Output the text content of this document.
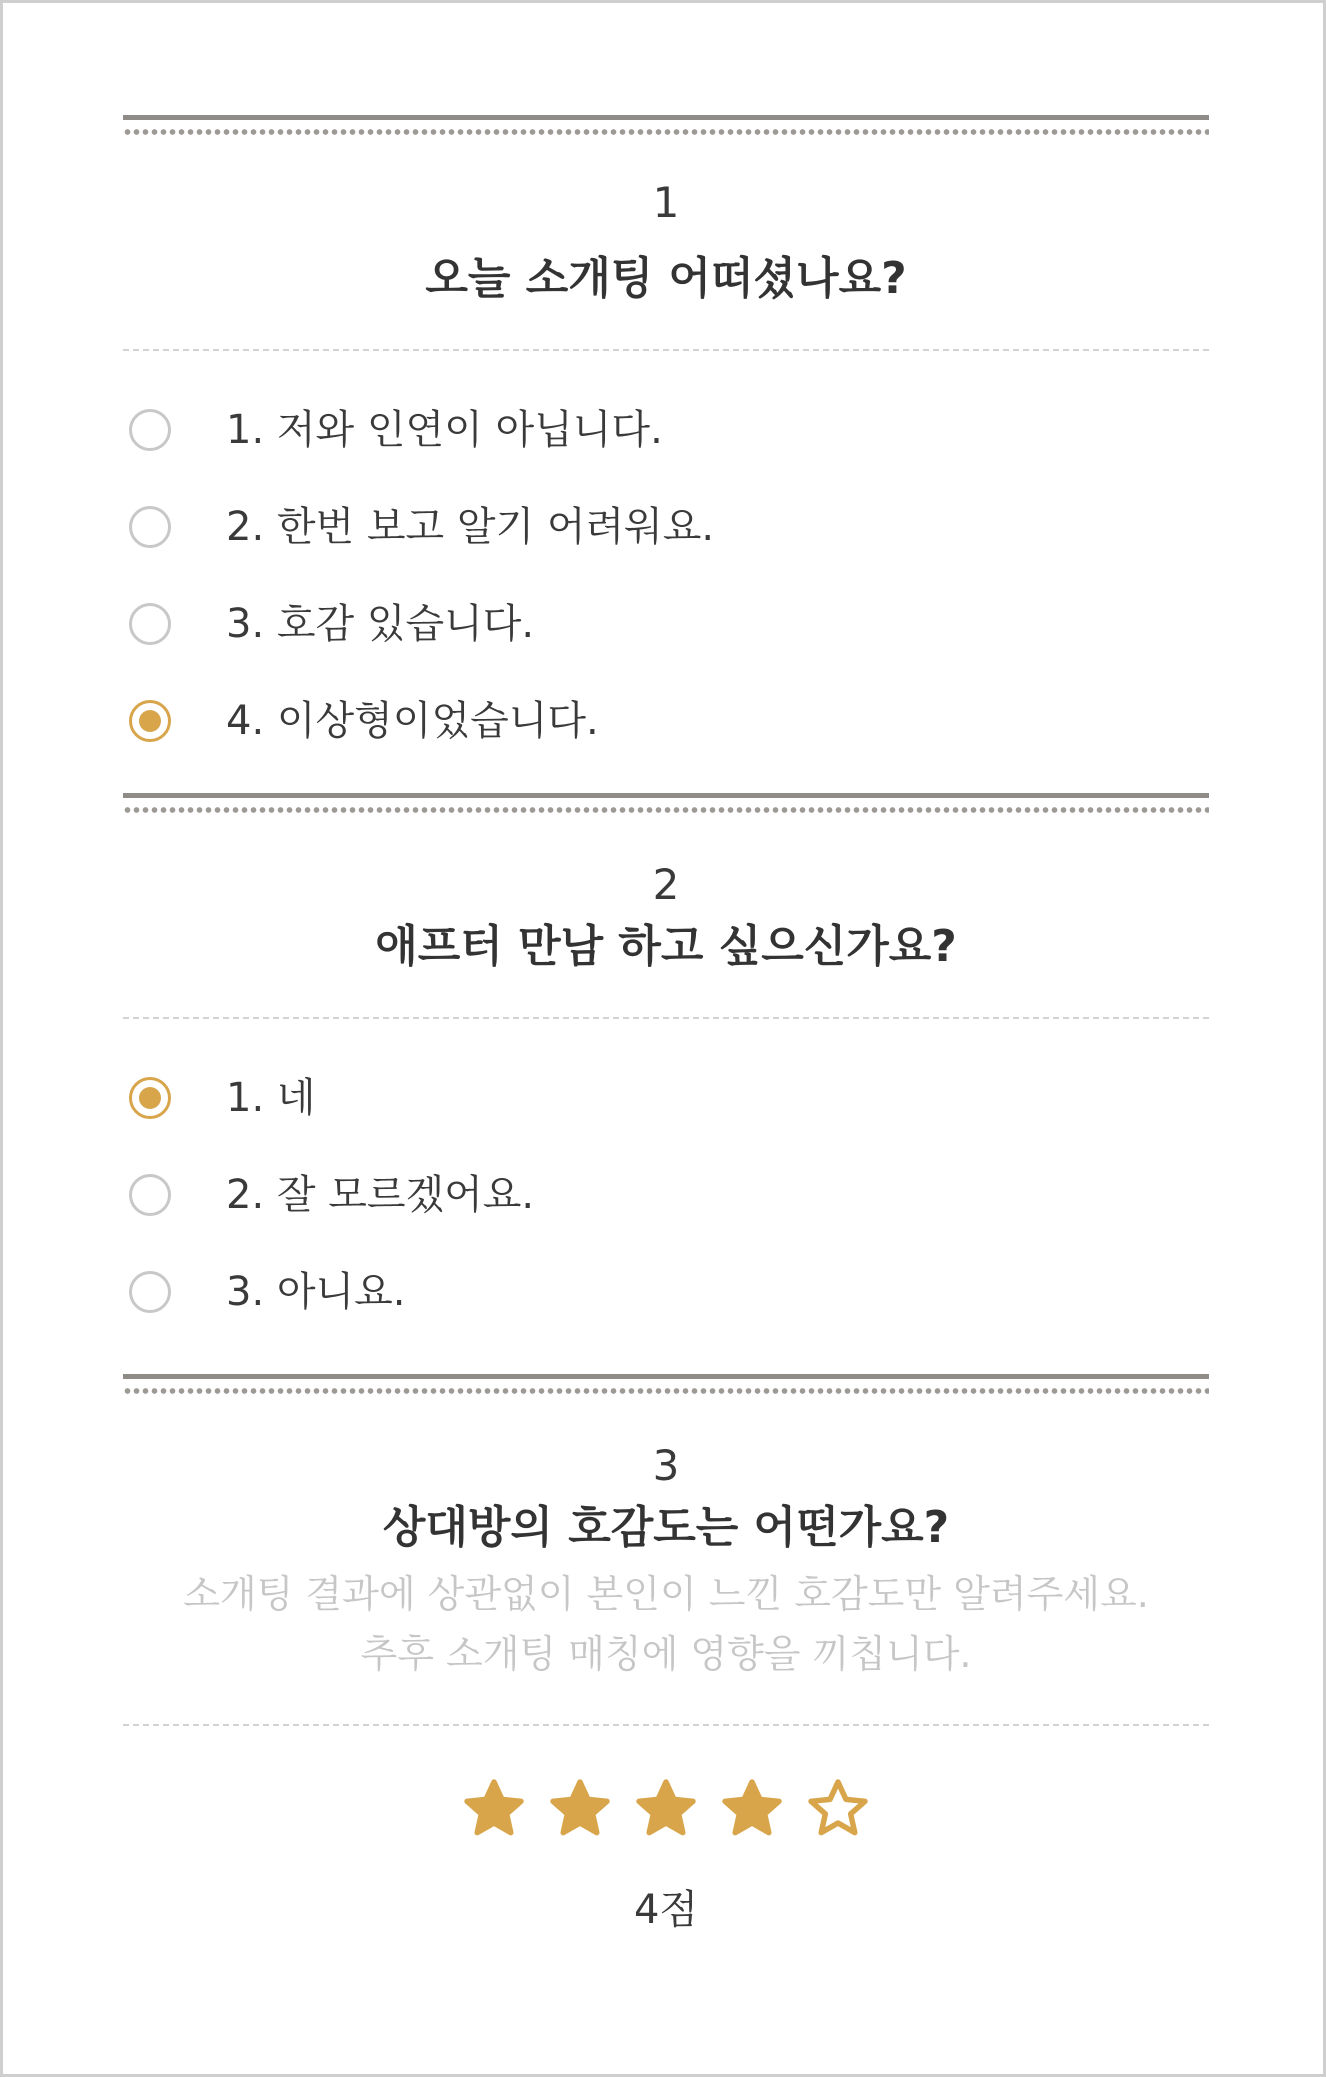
1
오늘 소개팅 어떠셨나요?
1. 저와 인연이 아닙니다.
2. 한번 보고 알기 어려워요.
3. 호감 있습니다.
4. 이상형이었습니다.
2
애프터 만남 하고 싶으신가요?
1. 네
2. 잘 모르겠어요.
3. 아니요.
3
상대방의 호감도는 어떤가요?
소개팅 결과에 상관없이 본인이 느낀 호감도만 알려주세요.
추후 소개팅 매칭에 영향을 끼칩니다.
4점
